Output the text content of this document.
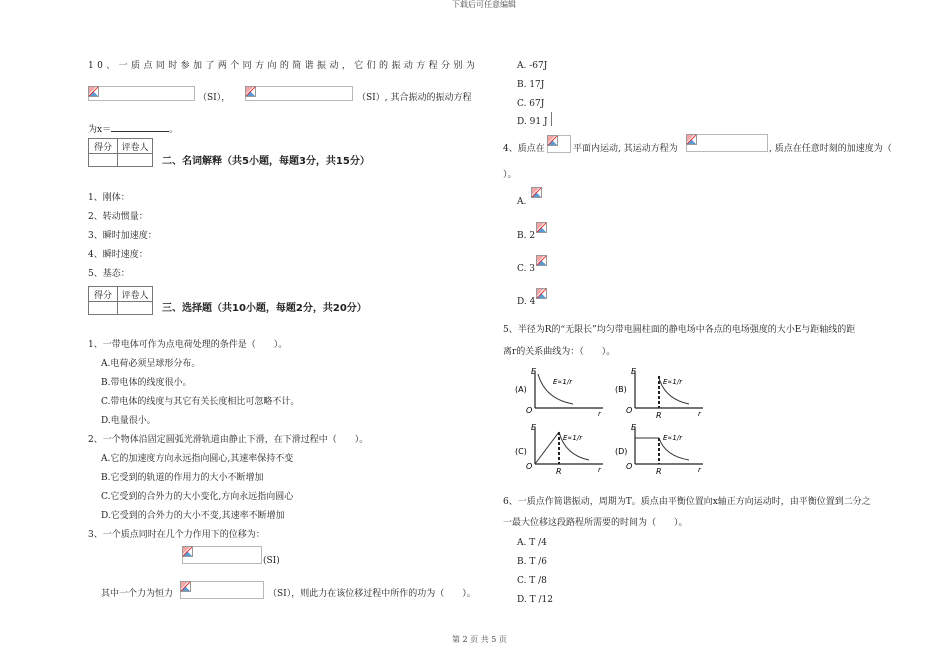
下载后可任意编辑
第 2 页 共 5 页
10、一质点同时参加了两个同方向的简谐振动，它们的振动方程分别为
（SI），	（SI）, 其合振动的振动方程
为x＝	。
得分	评卷人

二、名词解释（共5小题，每题3分，共15分）
1、刚体：
2、转动惯量：
3、瞬时加速度：
4、瞬时速度：
5、基态：
得分	评卷人

三、选择题（共10小题，每题2分，共20分）
1、一带电体可作为点电荷处理的条件是（　　）。
A.电荷必须呈球形分布。
B.带电体的线度很小。
C.带电体的线度与其它有关长度相比可忽略不计。
D.电量很小。
2、一个物体沿固定圆弧光滑轨道由静止下滑，在下滑过程中（　　）。
A.它的加速度方向永远指向圆心,其速率保持不变
B.它受到的轨道的作用力的大小不断增加
C.它受到的合外力的大小变化,方向永远指向圆心
D.它受到的合外力的大小不变,其速率不断增加
3、一个质点同时在几个力作用下的位移为：
(SI)
其中一个力为恒力	（SI），则此力在该位移过程中所作的功为（　　）。
A. -67J
B. 17J
C. 67J
D. 91 J
4、质点在	平面内运动, 其运动方程为	, 质点在任意时刻的加速度为（
）。
A.
B. 2
C. 3
D. 4
5、半径为R的“无限长”均匀带电圆柱面的静电场中各点的电场强度的大小E与距轴线的距
离r的关系曲线为：（　　）。
E
(A)
O	r
E∝1/r
E
(B)
O	r
R
E∝1/r
E
(C)
O	r
R
E∝1/r
E
(D)
O	r
R
E∝1/r
6、一质点作简谐振动，周期为T。质点由平衡位置向x轴正方向运动时，由平衡位置到二分之
一最大位移这段路程所需要的时间为（　　）。
A. T /4
B. T /6
C. T /8
D. T /12
